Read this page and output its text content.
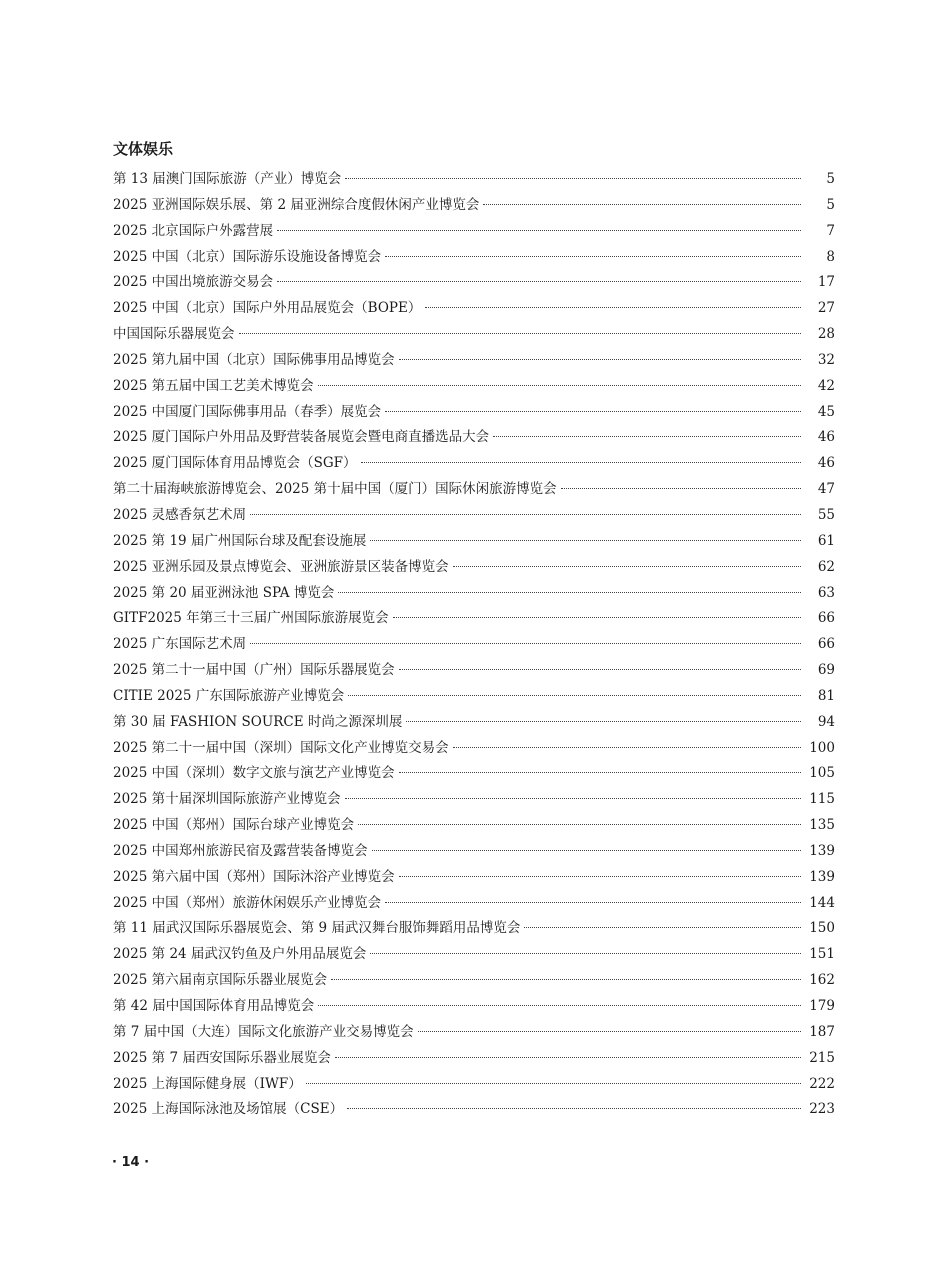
文体娱乐
第 13 届澳门国际旅游（产业）博览会	5
2025 亚洲国际娱乐展、第 2 届亚洲综合度假休闲产业博览会	5
2025 北京国际户外露营展	7
2025 中国（北京）国际游乐设施设备博览会	8
2025 中国出境旅游交易会	17
2025 中国（北京）国际户外用品展览会（BOPE）	27
中国国际乐器展览会	28
2025 第九届中国（北京）国际佛事用品博览会	32
2025 第五届中国工艺美术博览会	42
2025 中国厦门国际佛事用品（春季）展览会	45
2025 厦门国际户外用品及野营装备展览会暨电商直播选品大会	46
2025 厦门国际体育用品博览会（SGF）	46
第二十届海峡旅游博览会、2025 第十届中国（厦门）国际休闲旅游博览会	47
2025 灵感香氛艺术周	55
2025 第 19 届广州国际台球及配套设施展	61
2025 亚洲乐园及景点博览会、亚洲旅游景区装备博览会	62
2025 第 20 届亚洲泳池 SPA 博览会	63
GITF2025 年第三十三届广州国际旅游展览会	66
2025 广东国际艺术周	66
2025 第二十一届中国（广州）国际乐器展览会	69
CITIE 2025 广东国际旅游产业博览会	81
第 30 届 FASHION SOURCE 时尚之源深圳展	94
2025 第二十一届中国（深圳）国际文化产业博览交易会	100
2025 中国（深圳）数字文旅与演艺产业博览会	105
2025 第十届深圳国际旅游产业博览会	115
2025 中国（郑州）国际台球产业博览会	135
2025 中国郑州旅游民宿及露营装备博览会	139
2025 第六届中国（郑州）国际沐浴产业博览会	139
2025 中国（郑州）旅游休闲娱乐产业博览会	144
第 11 届武汉国际乐器展览会、第 9 届武汉舞台服饰舞蹈用品博览会	150
2025 第 24 届武汉钓鱼及户外用品展览会	151
2025 第六届南京国际乐器业展览会	162
第 42 届中国国际体育用品博览会	179
第 7 届中国（大连）国际文化旅游产业交易博览会	187
2025 第 7 届西安国际乐器业展览会	215
2025 上海国际健身展（IWF）	222
2025 上海国际泳池及场馆展（CSE）	223
· 14 ·
